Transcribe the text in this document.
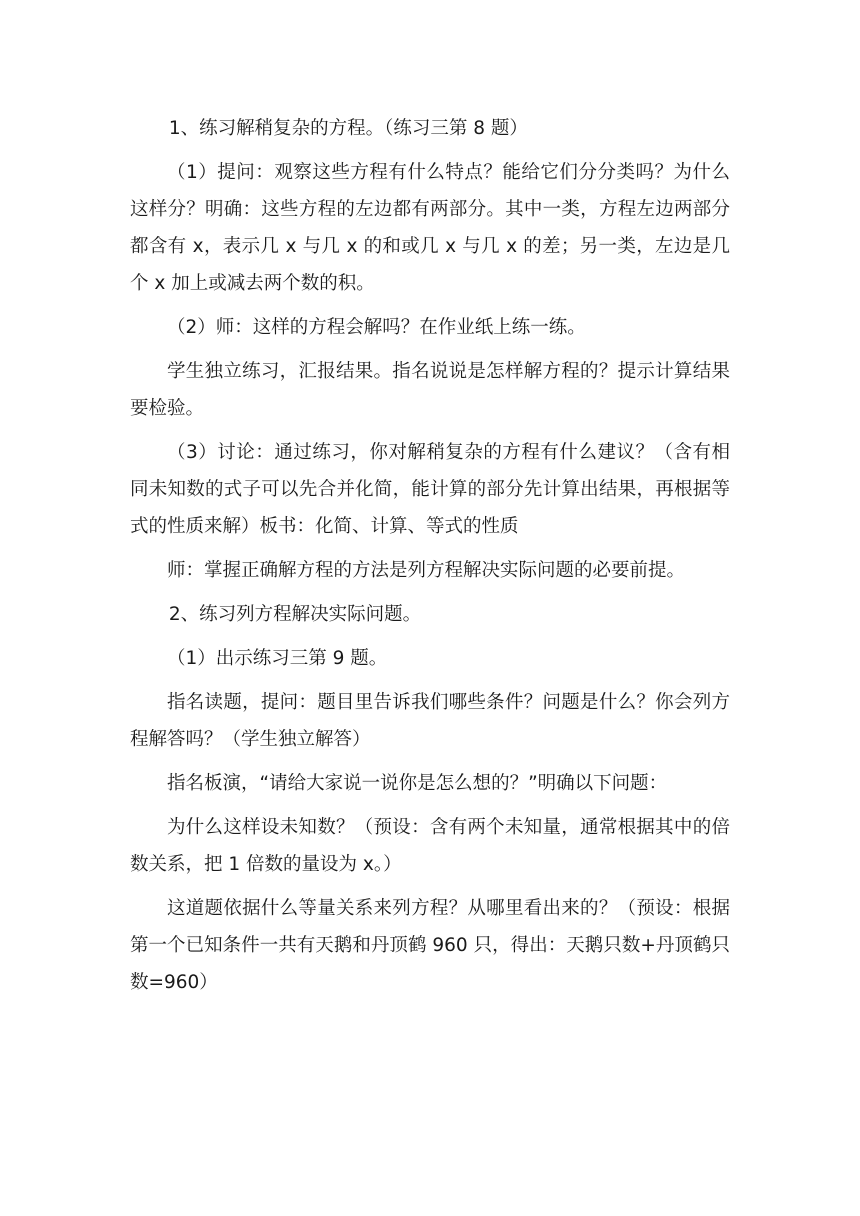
1、练习解稍复杂的方程。（练习三第 8 题）

（1）提问：观察这些方程有什么特点？能给它们分分类吗？为什么这样分？明确：这些方程的左边都有两部分。其中一类，方程左边两部分都含有 x，表示几 x 与几 x 的和或几 x 与几 x 的差；另一类，左边是几个 x 加上或减去两个数的积。

（2）师：这样的方程会解吗？在作业纸上练一练。

学生独立练习，汇报结果。指名说说是怎样解方程的？提示计算结果要检验。

（3）讨论：通过练习，你对解稍复杂的方程有什么建议？（含有相同未知数的式子可以先合并化简，能计算的部分先计算出结果，再根据等式的性质来解）板书：化简、计算、等式的性质

师：掌握正确解方程的方法是列方程解决实际问题的必要前提。

2、练习列方程解决实际问题。

（1）出示练习三第 9 题。

指名读题，提问：题目里告诉我们哪些条件？问题是什么？你会列方程解答吗？（学生独立解答）

指名板演，“请给大家说一说你是怎么想的？”明确以下问题：

为什么这样设未知数？（预设：含有两个未知量，通常根据其中的倍数关系，把 1 倍数的量设为 x。）

这道题依据什么等量关系来列方程？从哪里看出来的？（预设：根据第一个已知条件一共有天鹅和丹顶鹤 960 只，得出：天鹅只数+丹顶鹤只数=960）
